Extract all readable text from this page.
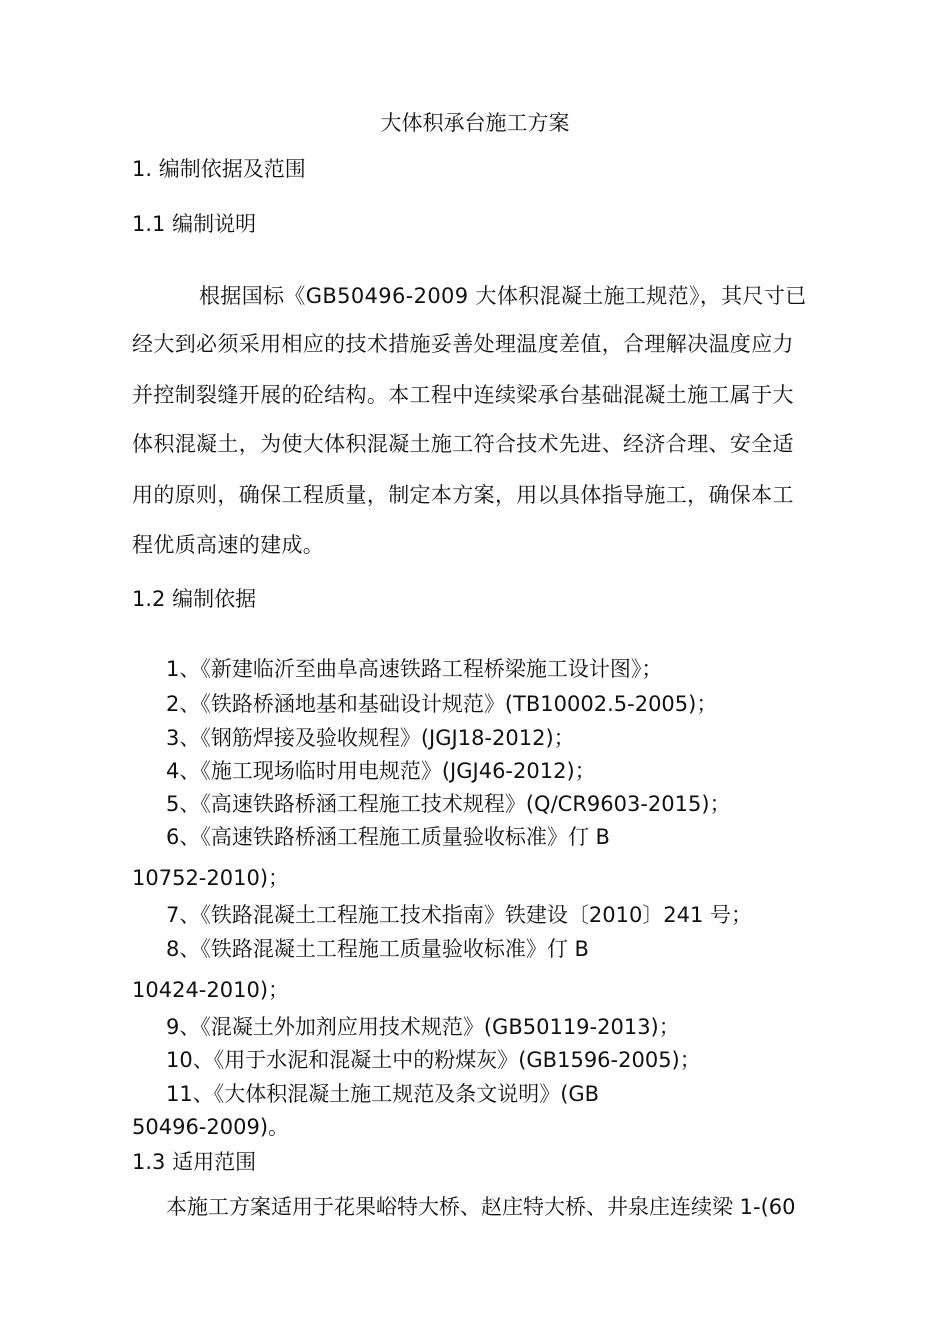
大体积承台施工方案
1. 编制依据及范围
1.1 编制说明
根据国标《GB50496-2009 大体积混凝土施工规范》，其尺寸已
经大到必须采用相应的技术措施妥善处理温度差值，合理解决温度应力
并控制裂缝开展的砼结构。本工程中连续梁承台基础混凝土施工属于大
体积混凝土，为使大体积混凝土施工符合技术先进、经济合理、安全适
用的原则，确保工程质量，制定本方案，用以具体指导施工，确保本工
程优质高速的建成。
1.2 编制依据
1、《新建临沂至曲阜高速铁路工程桥梁施工设计图》；
2、《铁路桥涵地基和基础设计规范》(TB10002.5-2005)；
3、《钢筋焊接及验收规程》(JGJ18-2012)；
4、《施工现场临时用电规范》(JGJ46-2012)；
5、《高速铁路桥涵工程施工技术规程》(Q/CR9603-2015)；
6、《高速铁路桥涵工程施工质量验收标准》仃 B
10752-2010)；
7、《铁路混凝土工程施工技术指南》铁建设〔2010〕241 号；
8、《铁路混凝土工程施工质量验收标准》仃 B
10424-2010)；
9、《混凝土外加剂应用技术规范》(GB50119-2013)；
10、《用于水泥和混凝土中的粉煤灰》(GB1596-2005)；
11、《大体积混凝土施工规范及条文说明》(GB
50496-2009)。
1.3 适用范围
本施工方案适用于花果峪特大桥、赵庄特大桥、井泉庄连续梁 1-(60
